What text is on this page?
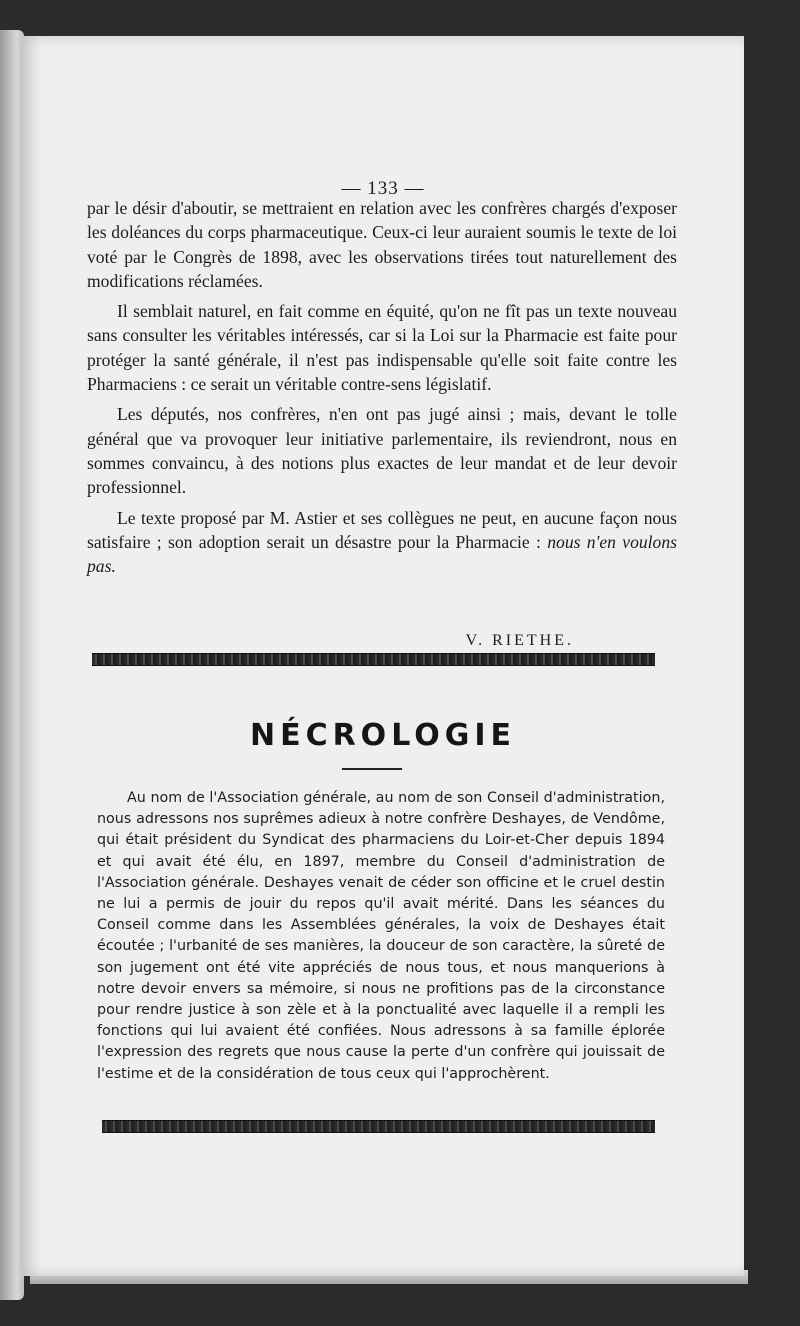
— 133 —

par le désir d'aboutir, se mettraient en relation avec les confrères chargés d'exposer les doléances du corps pharmaceutique. Ceux-ci leur auraient soumis le texte de loi voté par le Congrès de 1898, avec les observations tirées tout naturellement des modifications réclamées.

Il semblait naturel, en fait comme en équité, qu'on ne fît pas un texte nouveau sans consulter les véritables intéressés, car si la Loi sur la Pharmacie est faite pour protéger la santé générale, il n'est pas indispensable qu'elle soit faite contre les Pharmaciens : ce serait un véritable contre-sens législatif.

Les députés, nos confrères, n'en ont pas jugé ainsi ; mais, devant le tolle général que va provoquer leur initiative parlementaire, ils reviendront, nous en sommes convaincu, à des notions plus exactes de leur mandat et de leur devoir professionnel.

Le texte proposé par M. Astier et ses collègues ne peut, en aucune façon nous satisfaire ; son adoption serait un désastre pour la Pharmacie : nous n'en voulons pas.

V. RIETHE.
NÉCROLOGIE

Au nom de l'Association générale, au nom de son Conseil d'administration, nous adressons nos suprêmes adieux à notre confrère Deshayes, de Vendôme, qui était président du Syndicat des pharmaciens du Loir-et-Cher depuis 1894 et qui avait été élu, en 1897, membre du Conseil d'administration de l'Association générale. Deshayes venait de céder son officine et le cruel destin ne lui a permis de jouir du repos qu'il avait mérité. Dans les séances du Conseil comme dans les Assemblées générales, la voix de Deshayes était écoutée ; l'urbanité de ses manières, la douceur de son caractère, la sûreté de son jugement ont été vite appréciés de nous tous, et nous manquerions à notre devoir envers sa mémoire, si nous ne profitions pas de la circonstance pour rendre justice à son zèle et à la ponctualité avec laquelle il a rempli les fonctions qui lui avaient été confiées. Nous adressons à sa famille éplorée l'expression des regrets que nous cause la perte d'un confrère qui jouissait de l'estime et de la considération de tous ceux qui l'approchèrent.
